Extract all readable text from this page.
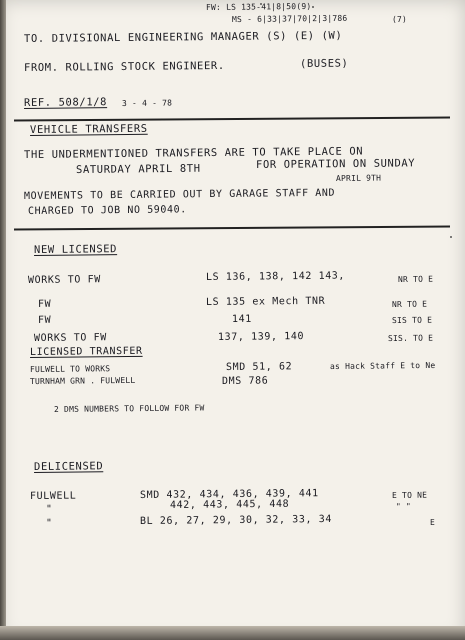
FW: LS 135-41|8|50(9)
MS - 6|33|37|70|2|3|786	(7)
TO. DIVISIONAL ENGINEERING MANAGER (S) (E) (W)
FROM. ROLLING STOCK ENGINEER.	(BUSES)
REF. 508/1/8 3 - 4 - 78
VEHICLE TRANSFERS
THE UNDERMENTIONED TRANSFERS ARE TO TAKE PLACE ON
SATURDAY APRIL 8TH	FOR OPERATION ON SUNDAY
APRIL 9TH
MOVEMENTS TO BE CARRIED OUT BY GARAGE STAFF AND
CHARGED TO JOB NO 59040.
NEW LICENSED
WORKS TO FW	LS 136, 138, 142 143,	NR TO E
FW	LS 135 ex Mech TNR	NR TO E
FW	141	SIS TO E
WORKS TO FW	137, 139, 140	SIS. TO E
LICENSED TRANSFER
FULWELL TO WORKS	SMD 51, 62	as Hack Staff E to Ne
TURNHAM GRN . FULWELL	DMS 786
2 DMS NUMBERS TO FOLLOW FOR FW
DELICENSED
FULWELL	SMD 432, 434, 436, 439, 441	E TO NE
"	442, 443, 445, 448	" "
"	BL 26, 27, 29, 30, 32, 33, 34	E
